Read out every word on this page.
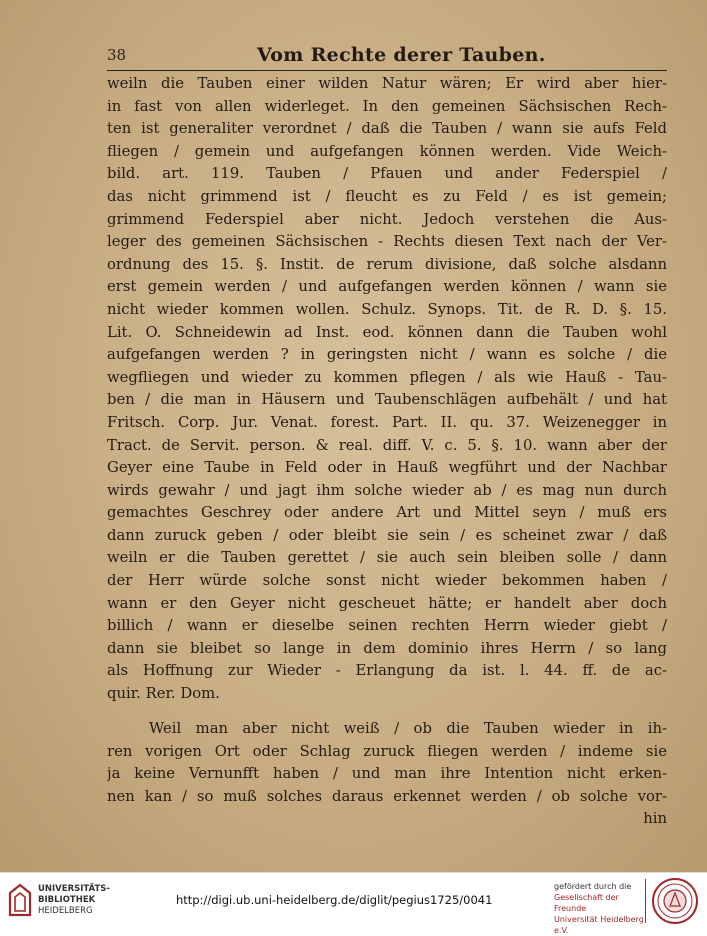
38	Vom Rechte derer Tauben.
weiln die Tauben einer wilden Natur wären; Er wird aber hier-
in fast von allen widerleget. In den gemeinen Sächsischen Rech-
ten ist generaliter verordnet / daß die Tauben / wann sie aufs Feld
fliegen / gemein und aufgefangen können werden. Vide Weich-
bild. art. 119. Tauben / Pfauen und ander Federspiel /
das nicht grimmend ist / fleucht es zu Feld / es ist gemein;
grimmend Federspiel aber nicht. Jedoch verstehen die Aus-
leger des gemeinen Sächsischen - Rechts diesen Text nach der Ver-
ordnung des 15. §. Instit. de rerum divisione, daß solche alsdann
erst gemein werden / und aufgefangen werden können / wann sie
nicht wieder kommen wollen. Schulz. Synops. Tit. de R. D. §. 15.
Lit. O. Schneidewin ad Inst. eod. können dann die Tauben wohl
aufgefangen werden ? in geringsten nicht / wann es solche / die
wegfliegen und wieder zu kommen pflegen / als wie Hauß - Tau-
ben / die man in Häusern und Taubenschlägen aufbehält / und hat
Fritsch. Corp. Jur. Venat. forest. Part. II. qu. 37. Weizenegger in
Tract. de Servit. person. & real. diff. V. c. 5. §. 10. wann aber der
Geyer eine Taube in Feld oder in Hauß wegführt und der Nachbar
wirds gewahr / und jagt ihm solche wieder ab / es mag nun durch
gemachtes Geschrey oder andere Art und Mittel seyn / muß ers
dann zuruck geben / oder bleibt sie sein / es scheinet zwar / daß
weiln er die Tauben gerettet / sie auch sein bleiben solle / dann
der Herr würde solche sonst nicht wieder bekommen haben /
wann er den Geyer nicht gescheuet hätte; er handelt aber doch
billich / wann er dieselbe seinen rechten Herrn wieder giebt /
dann sie bleibet so lange in dem dominio ihres Herrn / so lang
als Hoffnung zur Wieder - Erlangung da ist. l. 44. ff. de ac-
quir. Rer. Dom.
Weil man aber nicht weiß / ob die Tauben wieder in ih-
ren vorigen Ort oder Schlag zuruck fliegen werden / indeme sie
ja keine Vernunfft haben / und man ihre Intention nicht erken-
nen kan / so muß solches daraus erkennet werden / ob solche vor-
hin
UNIVERSITÄTS-
BIBLIOTHEK
HEIDELBERG
http://digi.ub.uni-heidelberg.de/diglit/pegius1725/0041
gefördert durch die
Gesellschaft der Freunde
Universität Heidelberg e.V.
